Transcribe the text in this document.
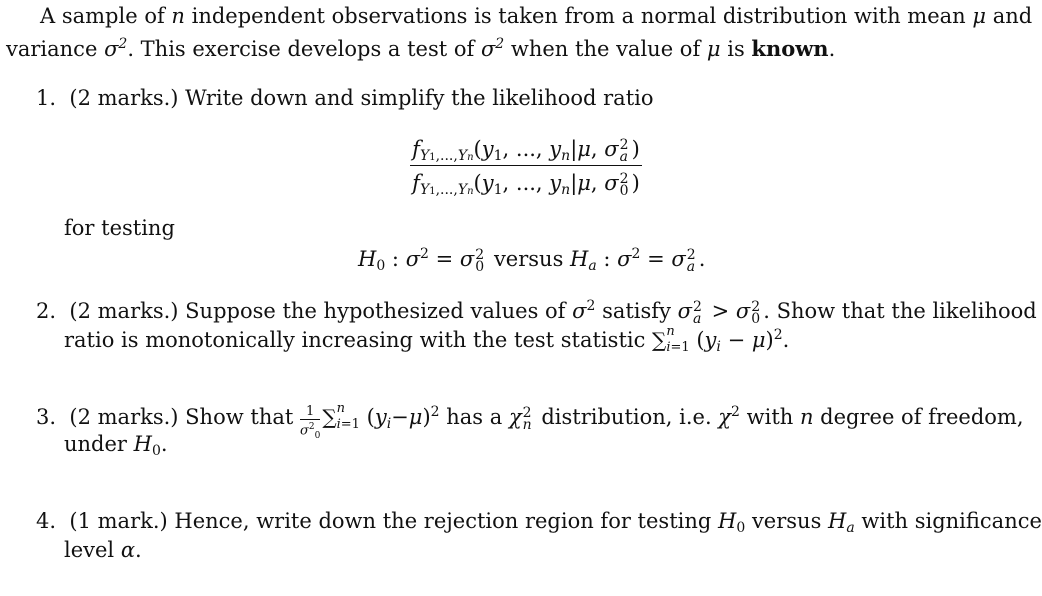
A sample of n independent observations is taken from a normal distribution with mean μ and
variance $\sigma^2$. This exercise develops a test of $\sigma^2$ when the value of μ is known.
1. (2 marks.) Write down and simplify the likelihood ratio
$f_{Y1,...,Yn}(y_1$, ..., $y_n|\mu$, σ 2
a )
$f_{Y1,...,Yn}(y_1$, ..., $y_n|\mu$, σ 2
0 )
for testing
$H_0$ : $\sigma^2 = \sigma$ 2
0 versus $H_a$ : $\sigma^2 = \sigma$ 2
a .
2. (2 marks.) Suppose the hypothesized values of $\sigma^2$ satisfy σ 2
a > σ 2
0 . Show that the likelihood
ratio is monotonically increasing with the test statistic ∑ n
i=1 $(y_i - \mu)^2$.
3. (2 marks.) Show that $\frac{1}{\sigma^2_0}$ ∑ n
i=1 $(y_i-\mu)^2$ has a χ 2
n distribution, i.e. $\chi^2$ with n degree of freedom,
under $H_0$.
4. (1 mark.) Hence, write down the rejection region for testing $H_0$ versus $H_a$ with significance
level α.
